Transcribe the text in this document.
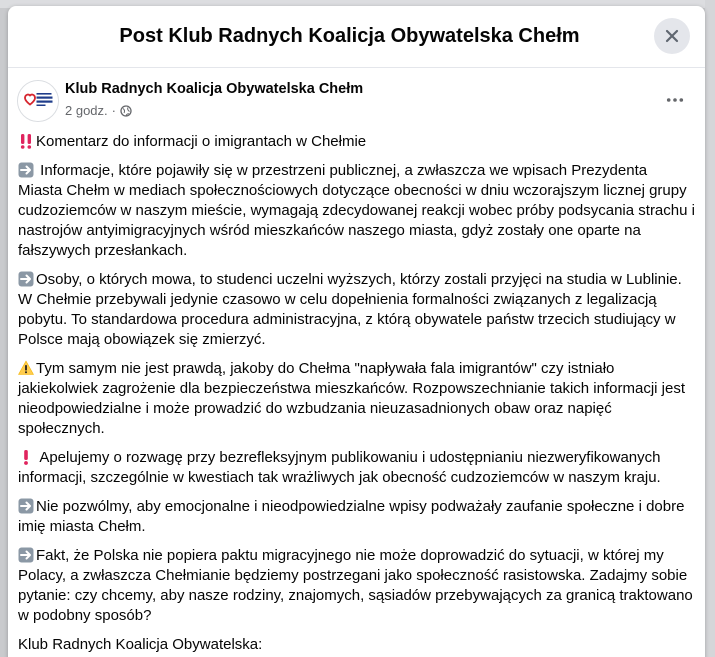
Post Klub Radnych Koalicja Obywatelska Chełm
Klub Radnych Koalicja Obywatelska Chełm
2 godz. ·

Komentarz do informacji o imigrantach w Chełmie

Informacje, które pojawiły się w przestrzeni publicznej, a zwłaszcza we wpisach Prezydenta Miasta Chełm w mediach społecznościowych dotyczące obecności w dniu wczorajszym licznej grupy cudzoziemców w naszym mieście, wymagają zdecydowanej reakcji wobec próby podsycania strachu i nastrojów antyimigracyjnych wśród mieszkańców naszego miasta, gdyż zostały one oparte na fałszywych przesłankach.

Osoby, o których mowa, to studenci uczelni wyższych, którzy zostali przyjęci na studia w Lublinie. W Chełmie przebywali jedynie czasowo w celu dopełnienia formalności związanych z legalizacją pobytu. To standardowa procedura administracyjna, z którą obywatele państw trzecich studiujący w Polsce mają obowiązek się zmierzyć.

Tym samym nie jest prawdą, jakoby do Chełma "napływała fala imigrantów" czy istniało jakiekolwiek zagrożenie dla bezpieczeństwa mieszkańców. Rozpowszechnianie takich informacji jest nieodpowiedzialne i może prowadzić do wzbudzania nieuzasadnionych obaw oraz napięć społecznych.

Apelujemy o rozwagę przy bezrefleksyjnym publikowaniu i udostępnianiu niezweryfikowanych informacji, szczególnie w kwestiach tak wrażliwych jak obecność cudzoziemców w naszym kraju.

Nie pozwólmy, aby emocjonalne i nieodpowiedzialne wpisy podważały zaufanie społeczne i dobre imię miasta Chełm.

Fakt, że Polska nie popiera paktu migracyjnego nie może doprowadzić do sytuacji, w której my Polacy, a zwłaszcza Chełmianie będziemy postrzegani jako społeczność rasistowska. Zadajmy sobie pytanie: czy chcemy, aby nasze rodziny, znajomych, sąsiadów przebywających za granicą traktowano w podobny sposób?

Klub Radnych Koalicja Obywatelska:
